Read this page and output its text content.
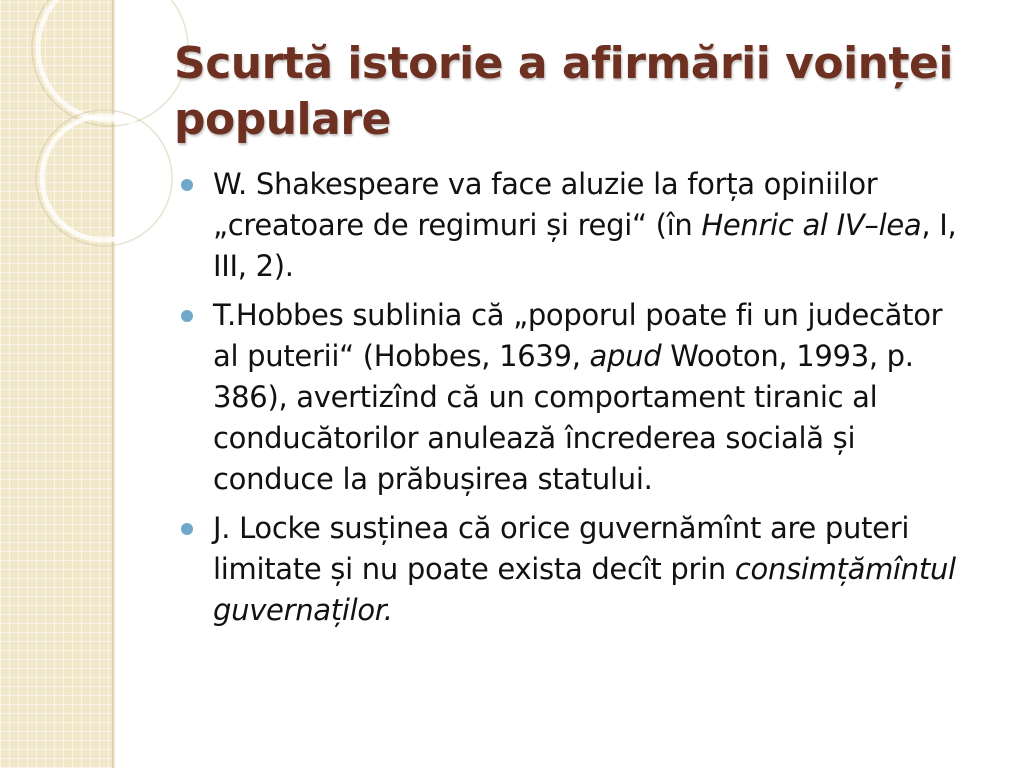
Scurtă istorie a afirmării voinței populare
W. Shakespeare va face aluzie la forța opiniilor „creatoare de regimuri și regi“ (în Henric al IV–lea, I, III, 2).
T.Hobbes sublinia că „poporul poate fi un judecător al puterii“ (Hobbes, 1639, apud Wooton, 1993, p. 386), avertizînd că un comportament tiranic al conducătorilor anulează încrederea socială și conduce la prăbușirea statului.
J. Locke susținea că orice guvernămînt are puteri limitate și nu poate exista decît prin consimțămîntul guvernaților.
